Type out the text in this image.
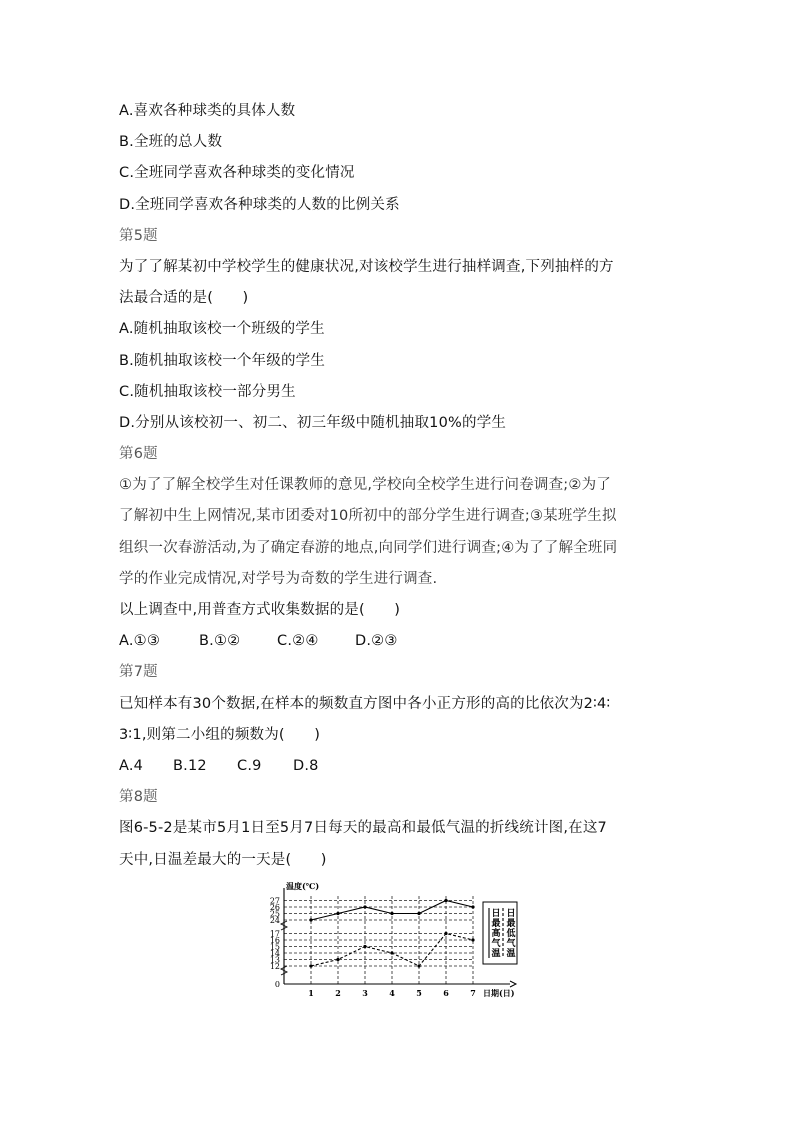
A.喜欢各种球类的具体人数
B.全班的总人数
C.全班同学喜欢各种球类的变化情况
D.全班同学喜欢各种球类的人数的比例关系
第5题
为了了解某初中学校学生的健康状况,对该校学生进行抽样调查,下列抽样的方
法最合适的是(　　)
A.随机抽取该校一个班级的学生
B.随机抽取该校一个年级的学生
C.随机抽取该校一部分男生
D.分别从该校初一、初二、初三年级中随机抽取10%的学生
第6题
①为了了解全校学生对任课教师的意见,学校向全校学生进行问卷调查;②为了
了解初中生上网情况,某市团委对10所初中的部分学生进行调查;③某班学生拟
组织一次春游活动,为了确定春游的地点,向同学们进行调查;④为了了解全班同
学的作业完成情况,对学号为奇数的学生进行调查.
以上调查中,用普查方式收集数据的是(　　)
A.①③	B.①②	C.②④	D.②③
第7题
已知样本有30个数据,在样本的频数直方图中各小正方形的高的比依次为2∶4∶
3∶1,则第二小组的频数为(　　)
A.4 B.12 C.9 D.8
第8题
图6-5-2是某市5月1日至5月7日每天的最高和最低气温的折线统计图,在这7
天中,日温差最大的一天是(　　)
0
12
13
14
15
16
17
24
25
26
27
1	2	3	4	5	6	7
温度(℃)
日期(日)
日
最
高
气
温
日
最
低
气
温
